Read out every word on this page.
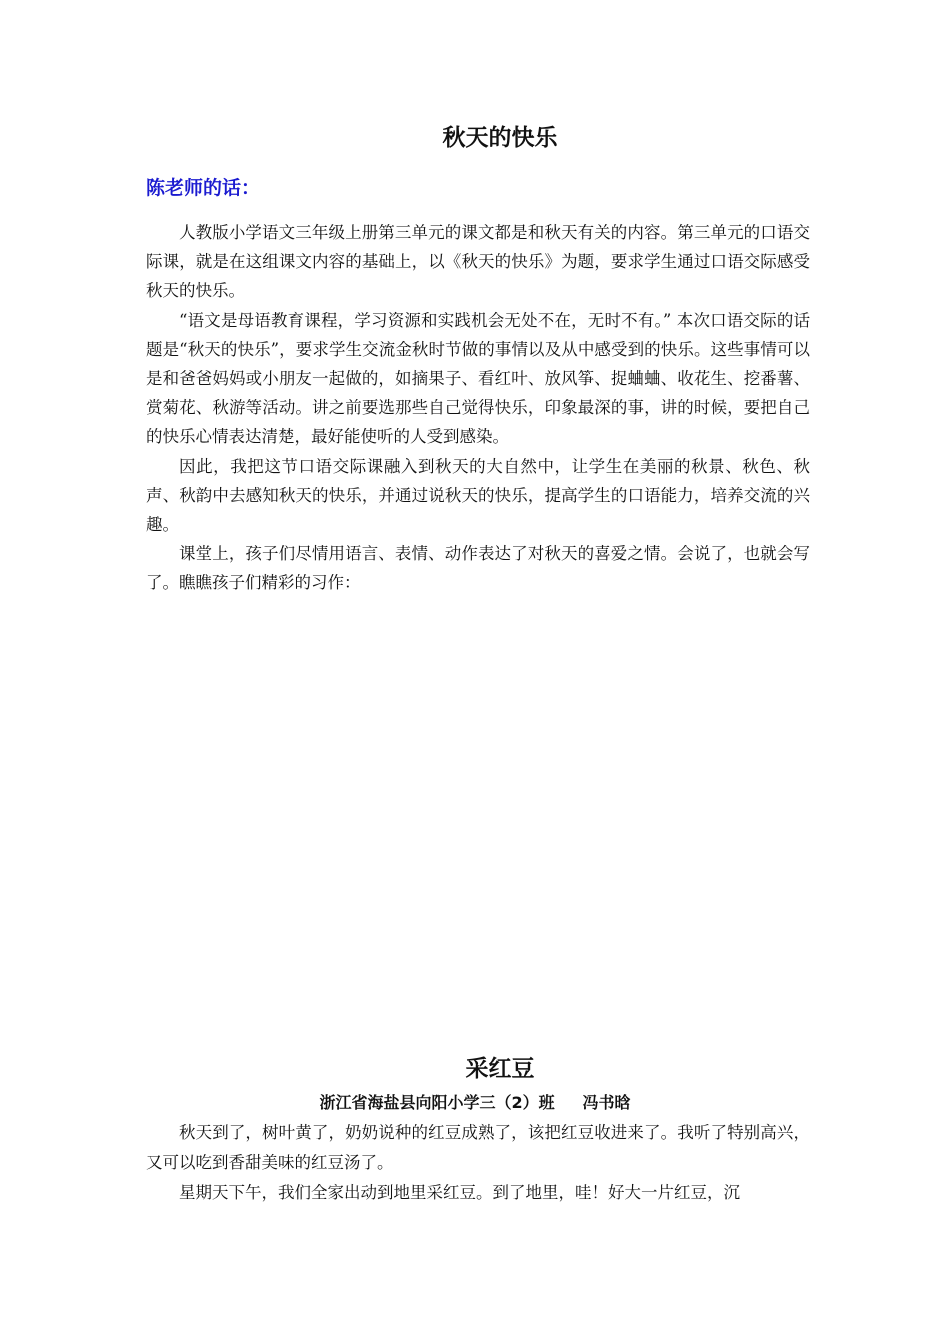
秋天的快乐
陈老师的话：

人教版小学语文三年级上册第三单元的课文都是和秋天有关的内容。第三单元的口语交际课，就是在这组课文内容的基础上，以《秋天的快乐》为题，要求学生通过口语交际感受秋天的快乐。

“语文是母语教育课程，学习资源和实践机会无处不在，无时不有。” 本次口语交际的话题是“秋天的快乐”，要求学生交流金秋时节做的事情以及从中感受到的快乐。这些事情可以是和爸爸妈妈或小朋友一起做的，如摘果子、看红叶、放风筝、捉蛐蛐、收花生、挖番薯、赏菊花、秋游等活动。讲之前要选那些自己觉得快乐，印象最深的事，讲的时候，要把自己的快乐心情表达清楚，最好能使听的人受到感染。

因此，我把这节口语交际课融入到秋天的大自然中，让学生在美丽的秋景、秋色、秋声、秋韵中去感知秋天的快乐，并通过说秋天的快乐，提高学生的口语能力，培养交流的兴趣。

课堂上，孩子们尽情用语言、表情、动作表达了对秋天的喜爱之情。会说了，也就会写了。瞧瞧孩子们精彩的习作：

采红豆
浙江省海盐县向阳小学三（2）班     冯书晗

秋天到了，树叶黄了，奶奶说种的红豆成熟了，该把红豆收进来了。我听了特别高兴， 又可以吃到香甜美味的红豆汤了。

星期天下午，我们全家出动到地里采红豆。到了地里，哇！好大一片红豆，沉
